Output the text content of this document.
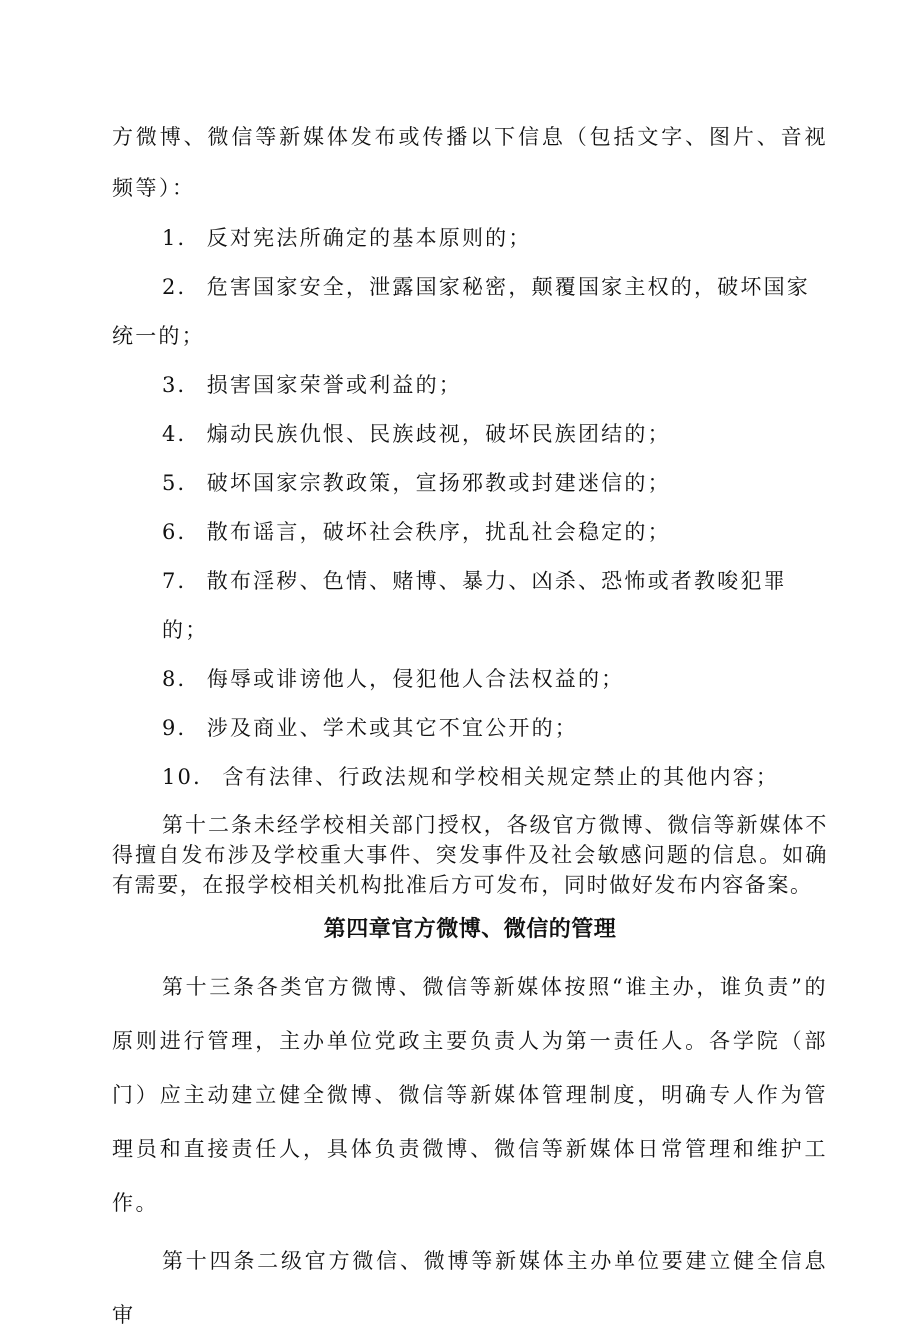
方微博、微信等新媒体发布或传播以下信息（包括文字、图片、音视频等）：

1． 反对宪法所确定的基本原则的；

2． 危害国家安全，泄露国家秘密，颠覆国家主权的，破坏国家统一的；

3． 损害国家荣誉或利益的；

4． 煽动民族仇恨、民族歧视，破坏民族团结的；

5． 破坏国家宗教政策，宣扬邪教或封建迷信的；

6． 散布谣言，破坏社会秩序，扰乱社会稳定的；

7． 散布淫秽、色情、赌博、暴力、凶杀、恐怖或者教唆犯罪的；

8． 侮辱或诽谤他人，侵犯他人合法权益的；

9． 涉及商业、学术或其它不宜公开的；

10． 含有法律、行政法规和学校相关规定禁止的其他内容；

第十二条未经学校相关部门授权，各级官方微博、微信等新媒体不得擅自发布涉及学校重大事件、突发事件及社会敏感问题的信息。如确有需要，在报学校相关机构批准后方可发布，同时做好发布内容备案。

第四章官方微博、微信的管理

第十三条各类官方微博、微信等新媒体按照“谁主办，谁负责”的原则进行管理，主办单位党政主要负责人为第一责任人。各学院（部门）应主动建立健全微博、微信等新媒体管理制度，明确专人作为管理员和直接责任人，具体负责微博、微信等新媒体日常管理和维护工作。

第十四条二级官方微信、微博等新媒体主办单位要建立健全信息审
